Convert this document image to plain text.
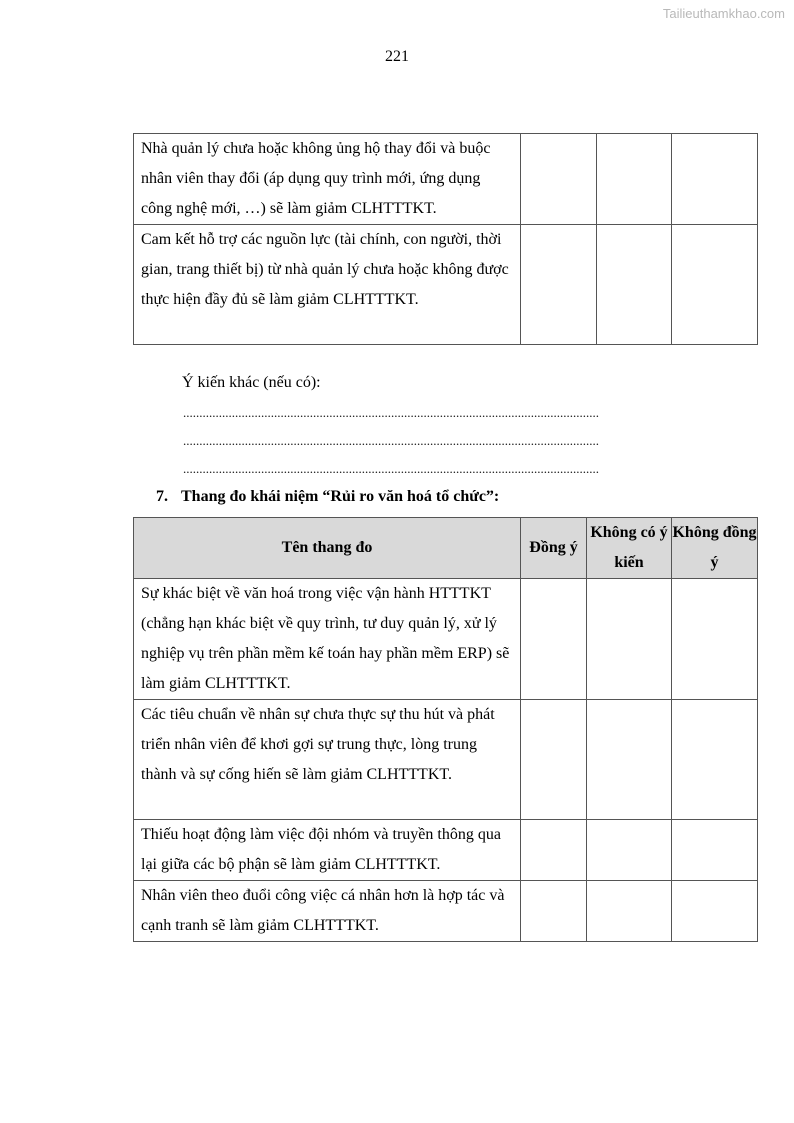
Tailieuthamkhao.com
221
Nhà quản lý chưa hoặc không ủng hộ thay đổi và buộc nhân viên thay đổi (áp dụng quy trình mới, ứng dụng công nghệ mới, …) sẽ làm giảm CLHTTTKT.			
Cam kết hỗ trợ các nguồn lực (tài chính, con người, thời gian, trang thiết bị) từ nhà quản lý chưa hoặc không được thực hiện đầy đủ sẽ làm giảm CLHTTTKT.			
Ý kiến khác (nếu có):
................................................................................................................................
................................................................................................................................
................................................................................................................................
7. Thang đo khái niệm “Rủi ro văn hoá tổ chức”:
Tên thang đo	Đồng ý	Không có ý kiến	Không đồng ý
Sự khác biệt về văn hoá trong việc vận hành HTTTKT (chẳng hạn khác biệt về quy trình, tư duy quản lý, xử lý nghiệp vụ trên phần mềm kế toán hay phần mềm ERP) sẽ làm giảm CLHTTTKT.			
Các tiêu chuẩn về nhân sự chưa thực sự thu hút và phát triển nhân viên để khơi gợi sự trung thực, lòng trung thành và sự cống hiến sẽ làm giảm CLHTTTKT.			
Thiếu hoạt động làm việc đội nhóm và truyền thông qua lại giữa các bộ phận sẽ làm giảm CLHTTTKT.			
Nhân viên theo đuổi công việc cá nhân hơn là hợp tác và cạnh tranh sẽ làm giảm CLHTTTKT.			
